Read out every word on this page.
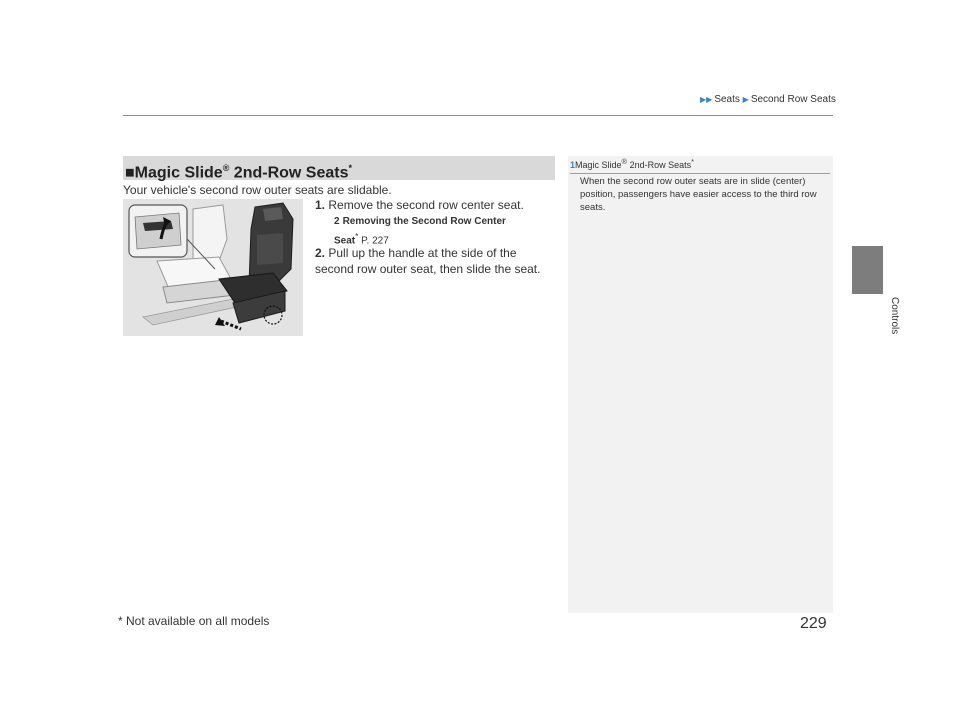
▶▶ Seats ▶ Second Row Seats
Controls
■Magic Slide® 2nd-Row Seats*
Your vehicle's second row outer seats are slidable.
1. Remove the second row center seat.
2 Removing the Second Row Center
Seat* P. 227
2. Pull up the handle at the side of the second row outer seat, then slide the seat.
1Magic Slide® 2nd-Row Seats*
When the second row outer seats are in slide (center) position, passengers have easier access to the third row seats.
* Not available on all models	229
